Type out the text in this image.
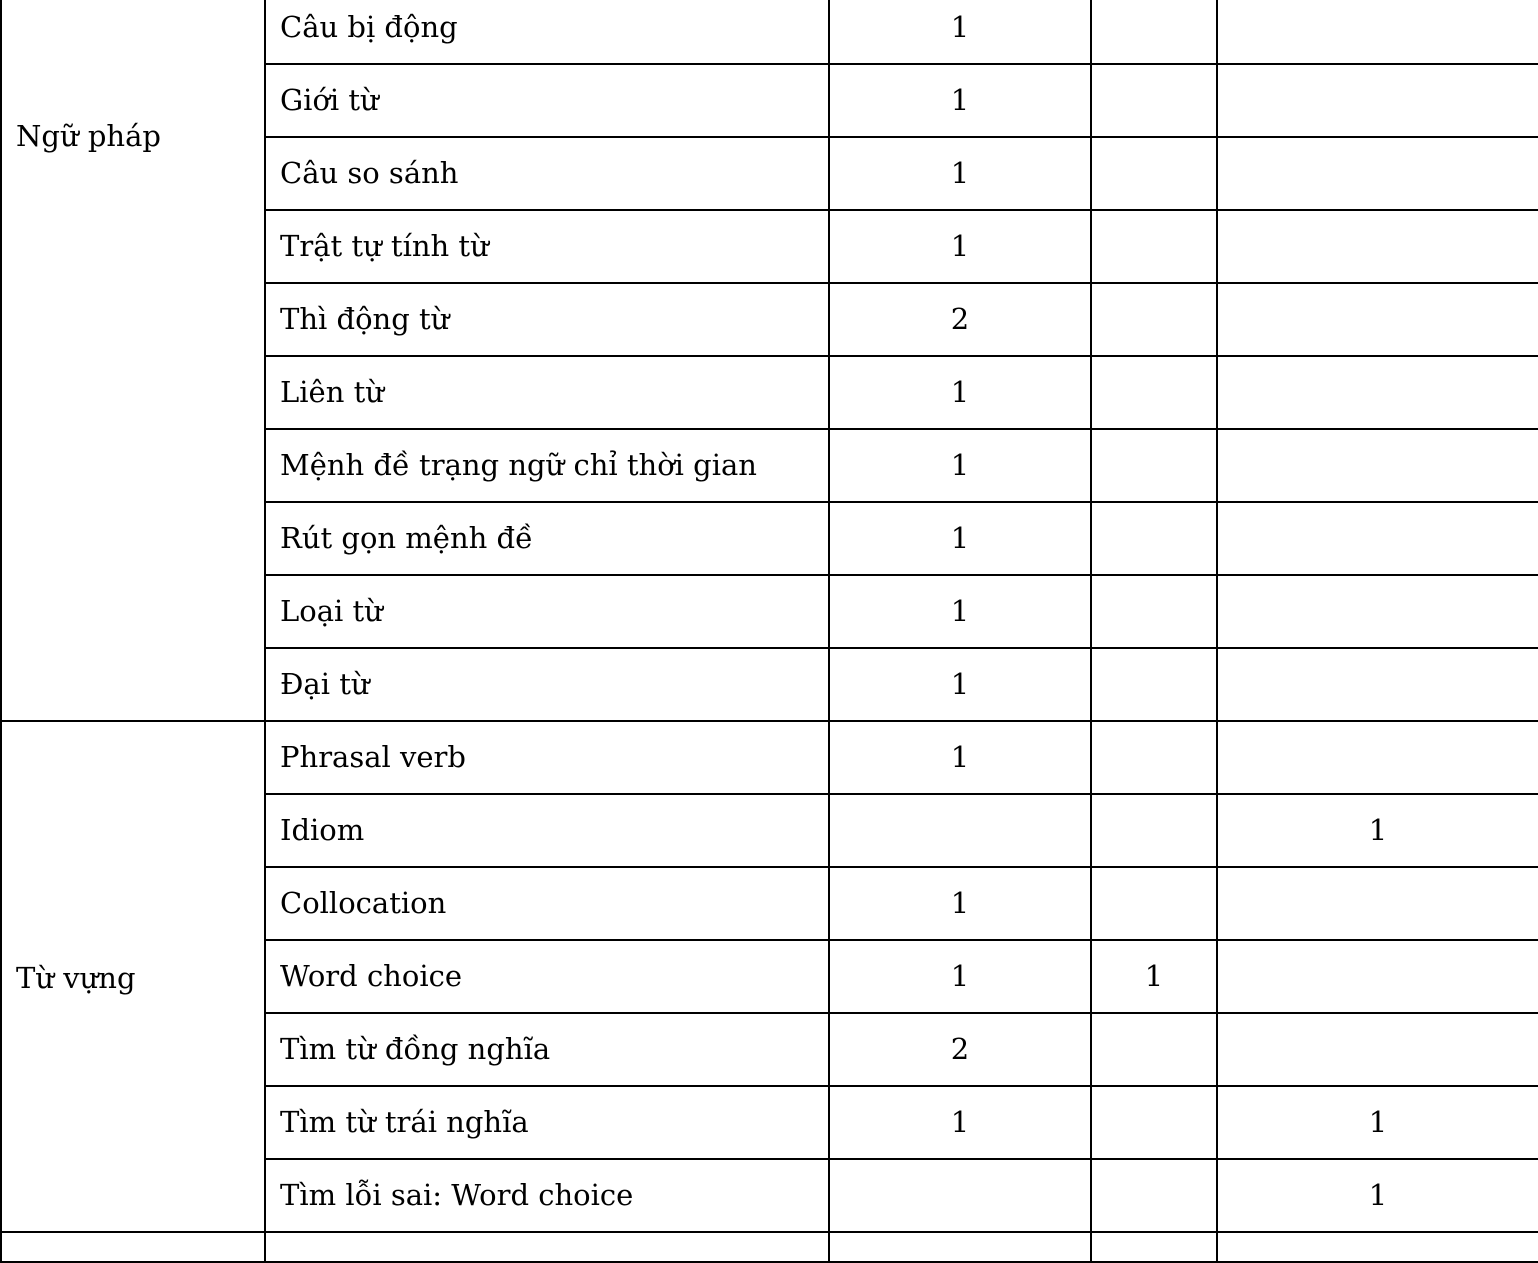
Ngữ pháp	Câu bị động	1		
	Giới từ	1		
	Câu so sánh	1		
	Trật tự tính từ	1		
	Thì động từ	2		
	Liên từ	1		
	Mệnh đề trạng ngữ chỉ thời gian	1		
	Rút gọn mệnh đề	1		
	Loại từ	1		
	Đại từ	1		

Từ vựng	Phrasal verb	1		
	Idiom			1
	Collocation	1		
	Word choice	1	1	
	Tìm từ đồng nghĩa	2		
	Tìm từ trái nghĩa	1		1
	Tìm lỗi sai: Word choice			1
